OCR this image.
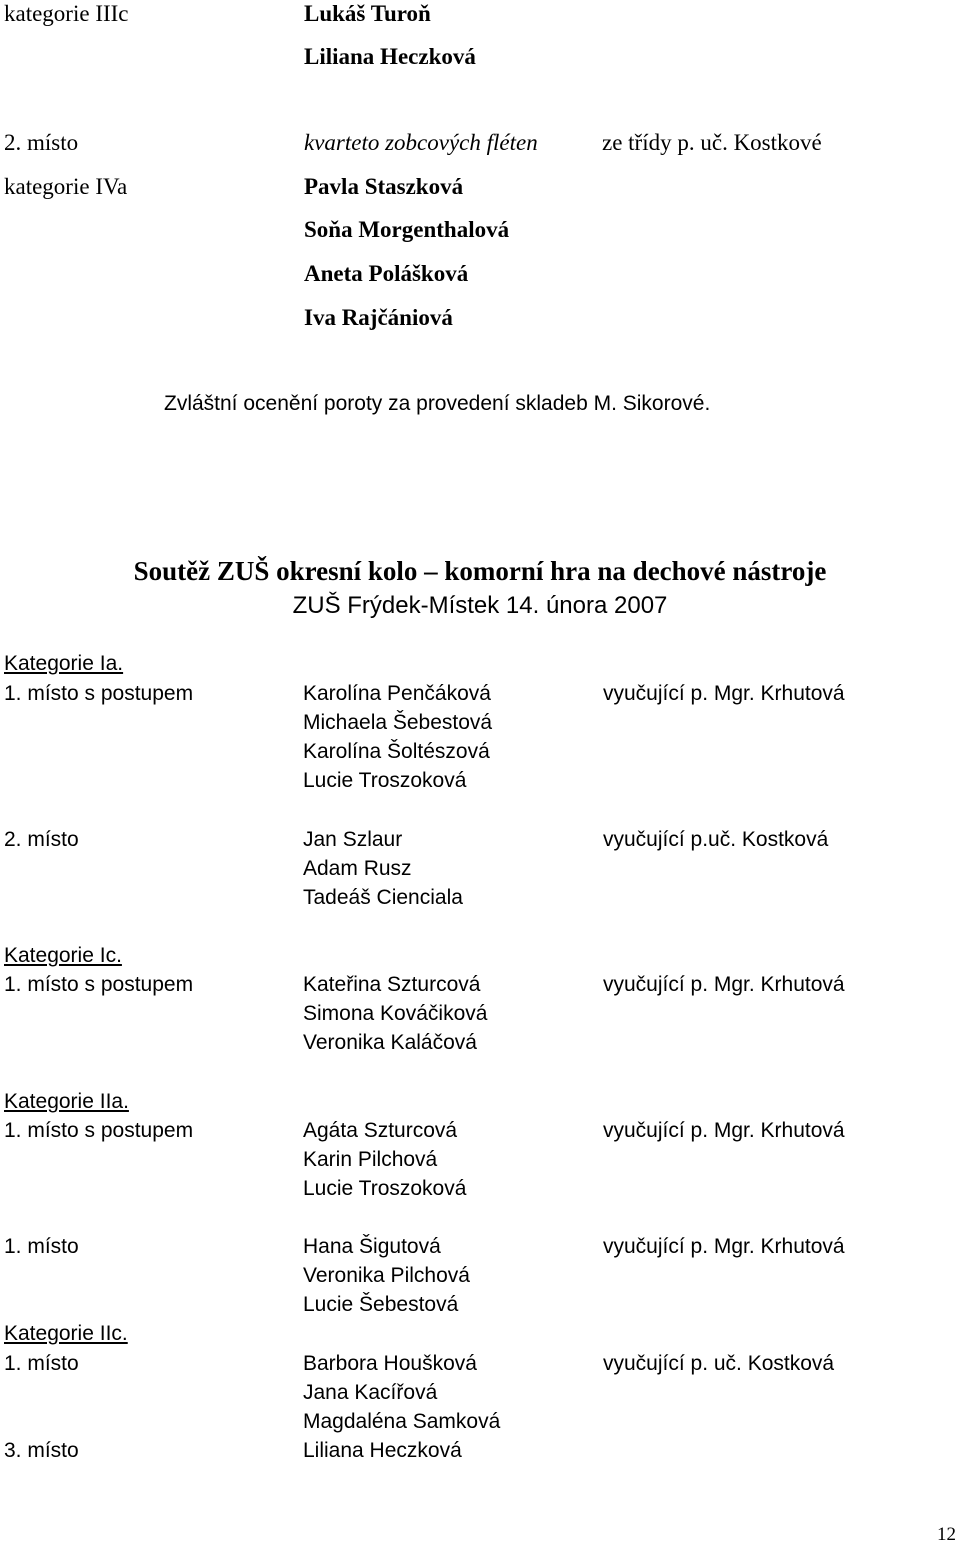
kategorie IIIc	Lukáš Turoň
Liliana Heczková
2. místo	kvarteto zobcových fléten	ze třídy p. uč. Kostkové
kategorie IVa	Pavla Staszková
Soňa Morgenthalová
Aneta Polášková
Iva Rajčániová
Zvláštní ocenění poroty za provedení skladeb M. Sikorové.
Soutěž ZUŠ okresní kolo – komorní hra na dechové nástroje
ZUŠ Frýdek-Místek 14. února 2007
Kategorie Ia.
1. místo s postupem	Karolína Penčáková	vyučující p. Mgr. Krhutová
Michaela Šebestová
Karolína Šoltészová
Lucie Troszoková
2. místo	Jan Szlaur	vyučující p.uč. Kostková
Adam Rusz
Tadeáš Cienciala
Kategorie Ic.
1. místo s postupem	Kateřina Szturcová	vyučující p. Mgr. Krhutová
Simona Kováčiková
Veronika Kaláčová
Kategorie IIa.
1. místo s postupem	Agáta Szturcová	vyučující p. Mgr. Krhutová
Karin Pilchová
Lucie Troszoková
1. místo	Hana Šigutová	vyučující p. Mgr. Krhutová
Veronika Pilchová
Lucie Šebestová
Kategorie IIc.
1. místo	Barbora Houšková	vyučující p. uč. Kostková
Jana Kacířová
Magdaléna Samková
3. místo	Liliana Heczková
12
